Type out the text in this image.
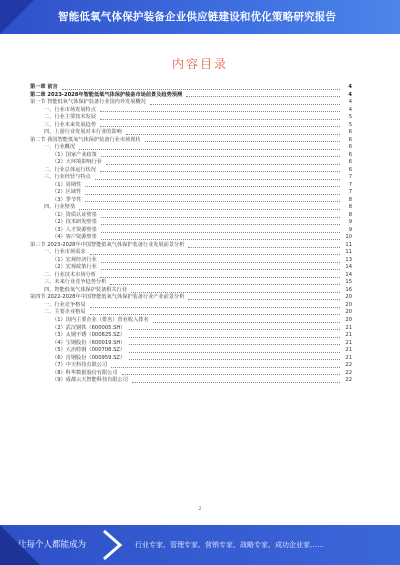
智能低氧气体保护装备企业供应链建设和优化策略研究报告
内容目录
第一章 前言	4
第二章 2023-2028年智能低氧气体保护装备市场前景及趋势预测	4
第一节 智能低氧气体保护装备行业国内外发展概况	4
一、行业市场发展特点	4
二、行业主要技术发展	5
三、行业未来发展趋势	5
四、上游行业发展对本行业的影响	6
第二节 我国智能低氧气体保护装备行业市场现状	6
一、行业概况	6
（1）国家产业政策	6
（2）大环境影响行业	6
二、行业总体运行状况	6
三、行业经营与特点	7
（1）周期性	7
（2）区域性	7
（3）季节性	8
四、行业壁垒	8
（1）资质认证壁垒	8
（2）技术研发壁垒	9
（3）人才资源壁垒	9
（4）客户资源壁垒	10
第三节 2023-2028年中国智能低氧气体保护装备行业发展前景分析	11
一、行业市场需求	11
（1）宏观经济行业	13
（2）宏观政策行业	14
二、行业技术市场分析	14
三、未来行业竞争趋势分析	15
四、智能低氧气体保护装备相关行业	16
第四节 2022-2028年中国智能低氧气体保护装备行业产业前景分析	20
一、行业竞争格局	20
二、主要企业格局	20
（1）国内主要企业（排名）营业收入排名	20
（2）武汉钢铁（600005.SH）	21
（3）太钢不锈（000825.SZ）	21
（4）宝钢股份（600019.SH）	21
（5）大冶特钢（000708.SZ）	21
（6）首钢股份（000959.SZ）	21
（7）中天科技有限公司	22
（8）科华数据股份有限公司	22
（9）成都云天智能科技有限公司	22
2
让每个人都能成为	行业专家、管理专家、营销专家、战略专家、成功企业家……
